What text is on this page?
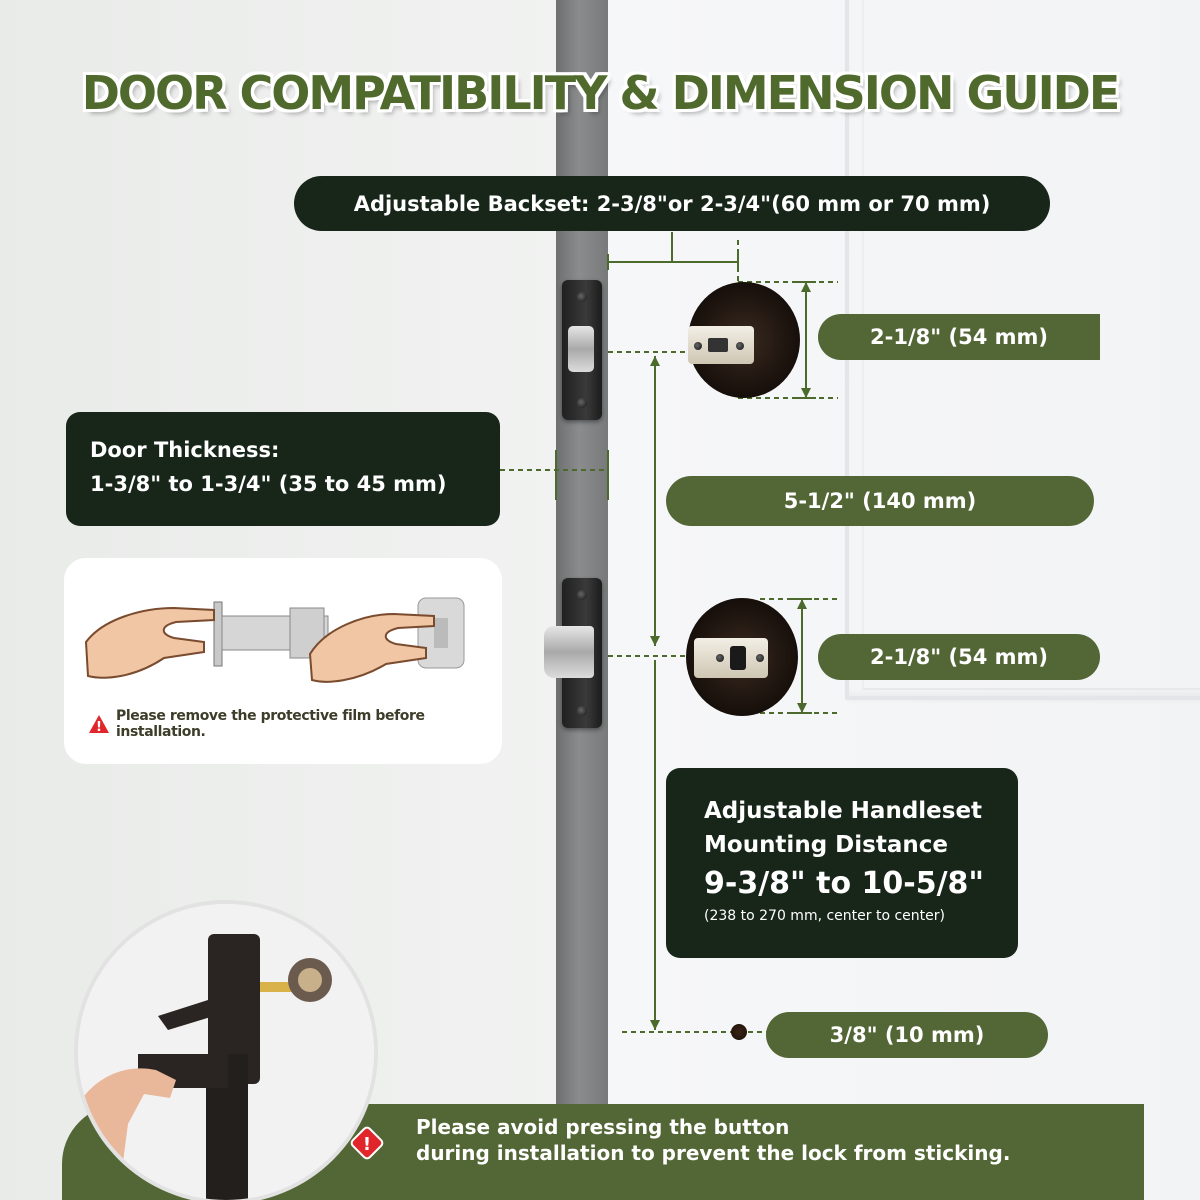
DOOR COMPATIBILITY & DIMENSION GUIDE
Adjustable Backset: 2-3/8"or 2-3/4"(60 mm or 70 mm)
2-1/8" (54 mm)
5-1/2" (140 mm)
2-1/8" (54 mm)
3/8" (10 mm)
Door Thickness:
1-3/8" to 1-3/4" (35 to 45 mm)
!
Please remove the protective film before installation.
Adjustable Handleset
Mounting Distance
9-3/8" to 10-5/8"
(238 to 270 mm, center to center)
!
Please avoid pressing the button
during installation to prevent the lock from sticking.
